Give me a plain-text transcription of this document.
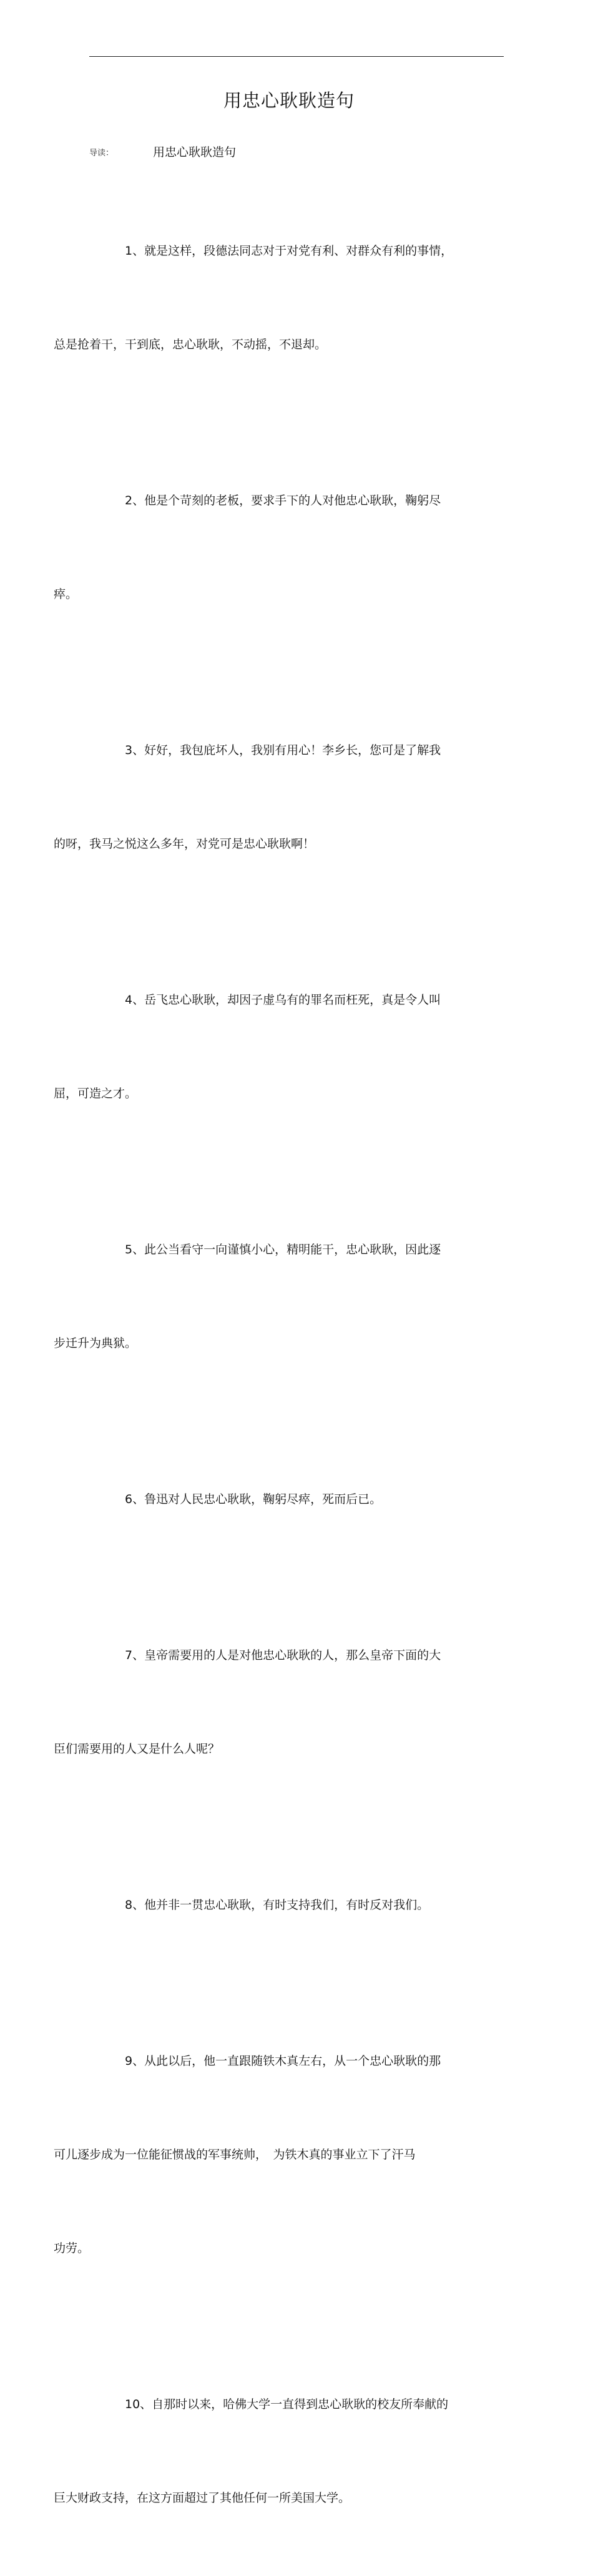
用忠心耿耿造句
导读：	用忠心耿耿造句

1、就是这样，段德法同志对于对党有利、对群众有利的事情，

总是抢着干，干到底，忠心耿耿，不动摇，不退却。

2、他是个苛刻的老板，要求手下的人对他忠心耿耿，鞠躬尽

瘁。

3、好好，我包庇坏人，我别有用心！李乡长，您可是了解我

的呀，我马之悦这么多年，对党可是忠心耿耿啊！

4、岳飞忠心耿耿，却因子虚乌有的罪名而枉死，真是令人叫

屈，可造之才。

5、此公当看守一向谨慎小心，精明能干，忠心耿耿，因此逐

步迁升为典狱。

6、鲁迅对人民忠心耿耿，鞠躬尽瘁，死而后已。

7、皇帝需要用的人是对他忠心耿耿的人，那么皇帝下面的大

臣们需要用的人又是什么人呢？

8、他并非一贯忠心耿耿，有时支持我们，有时反对我们。

9、从此以后，他一直跟随铁木真左右，从一个忠心耿耿的那

可儿逐步成为一位能征惯战的军事统帅，　为铁木真的事业立下了汗马

功劳。

10、自那时以来，哈佛大学一直得到忠心耿耿的校友所奉献的

巨大财政支持，在这方面超过了其他任何一所美国大学。
